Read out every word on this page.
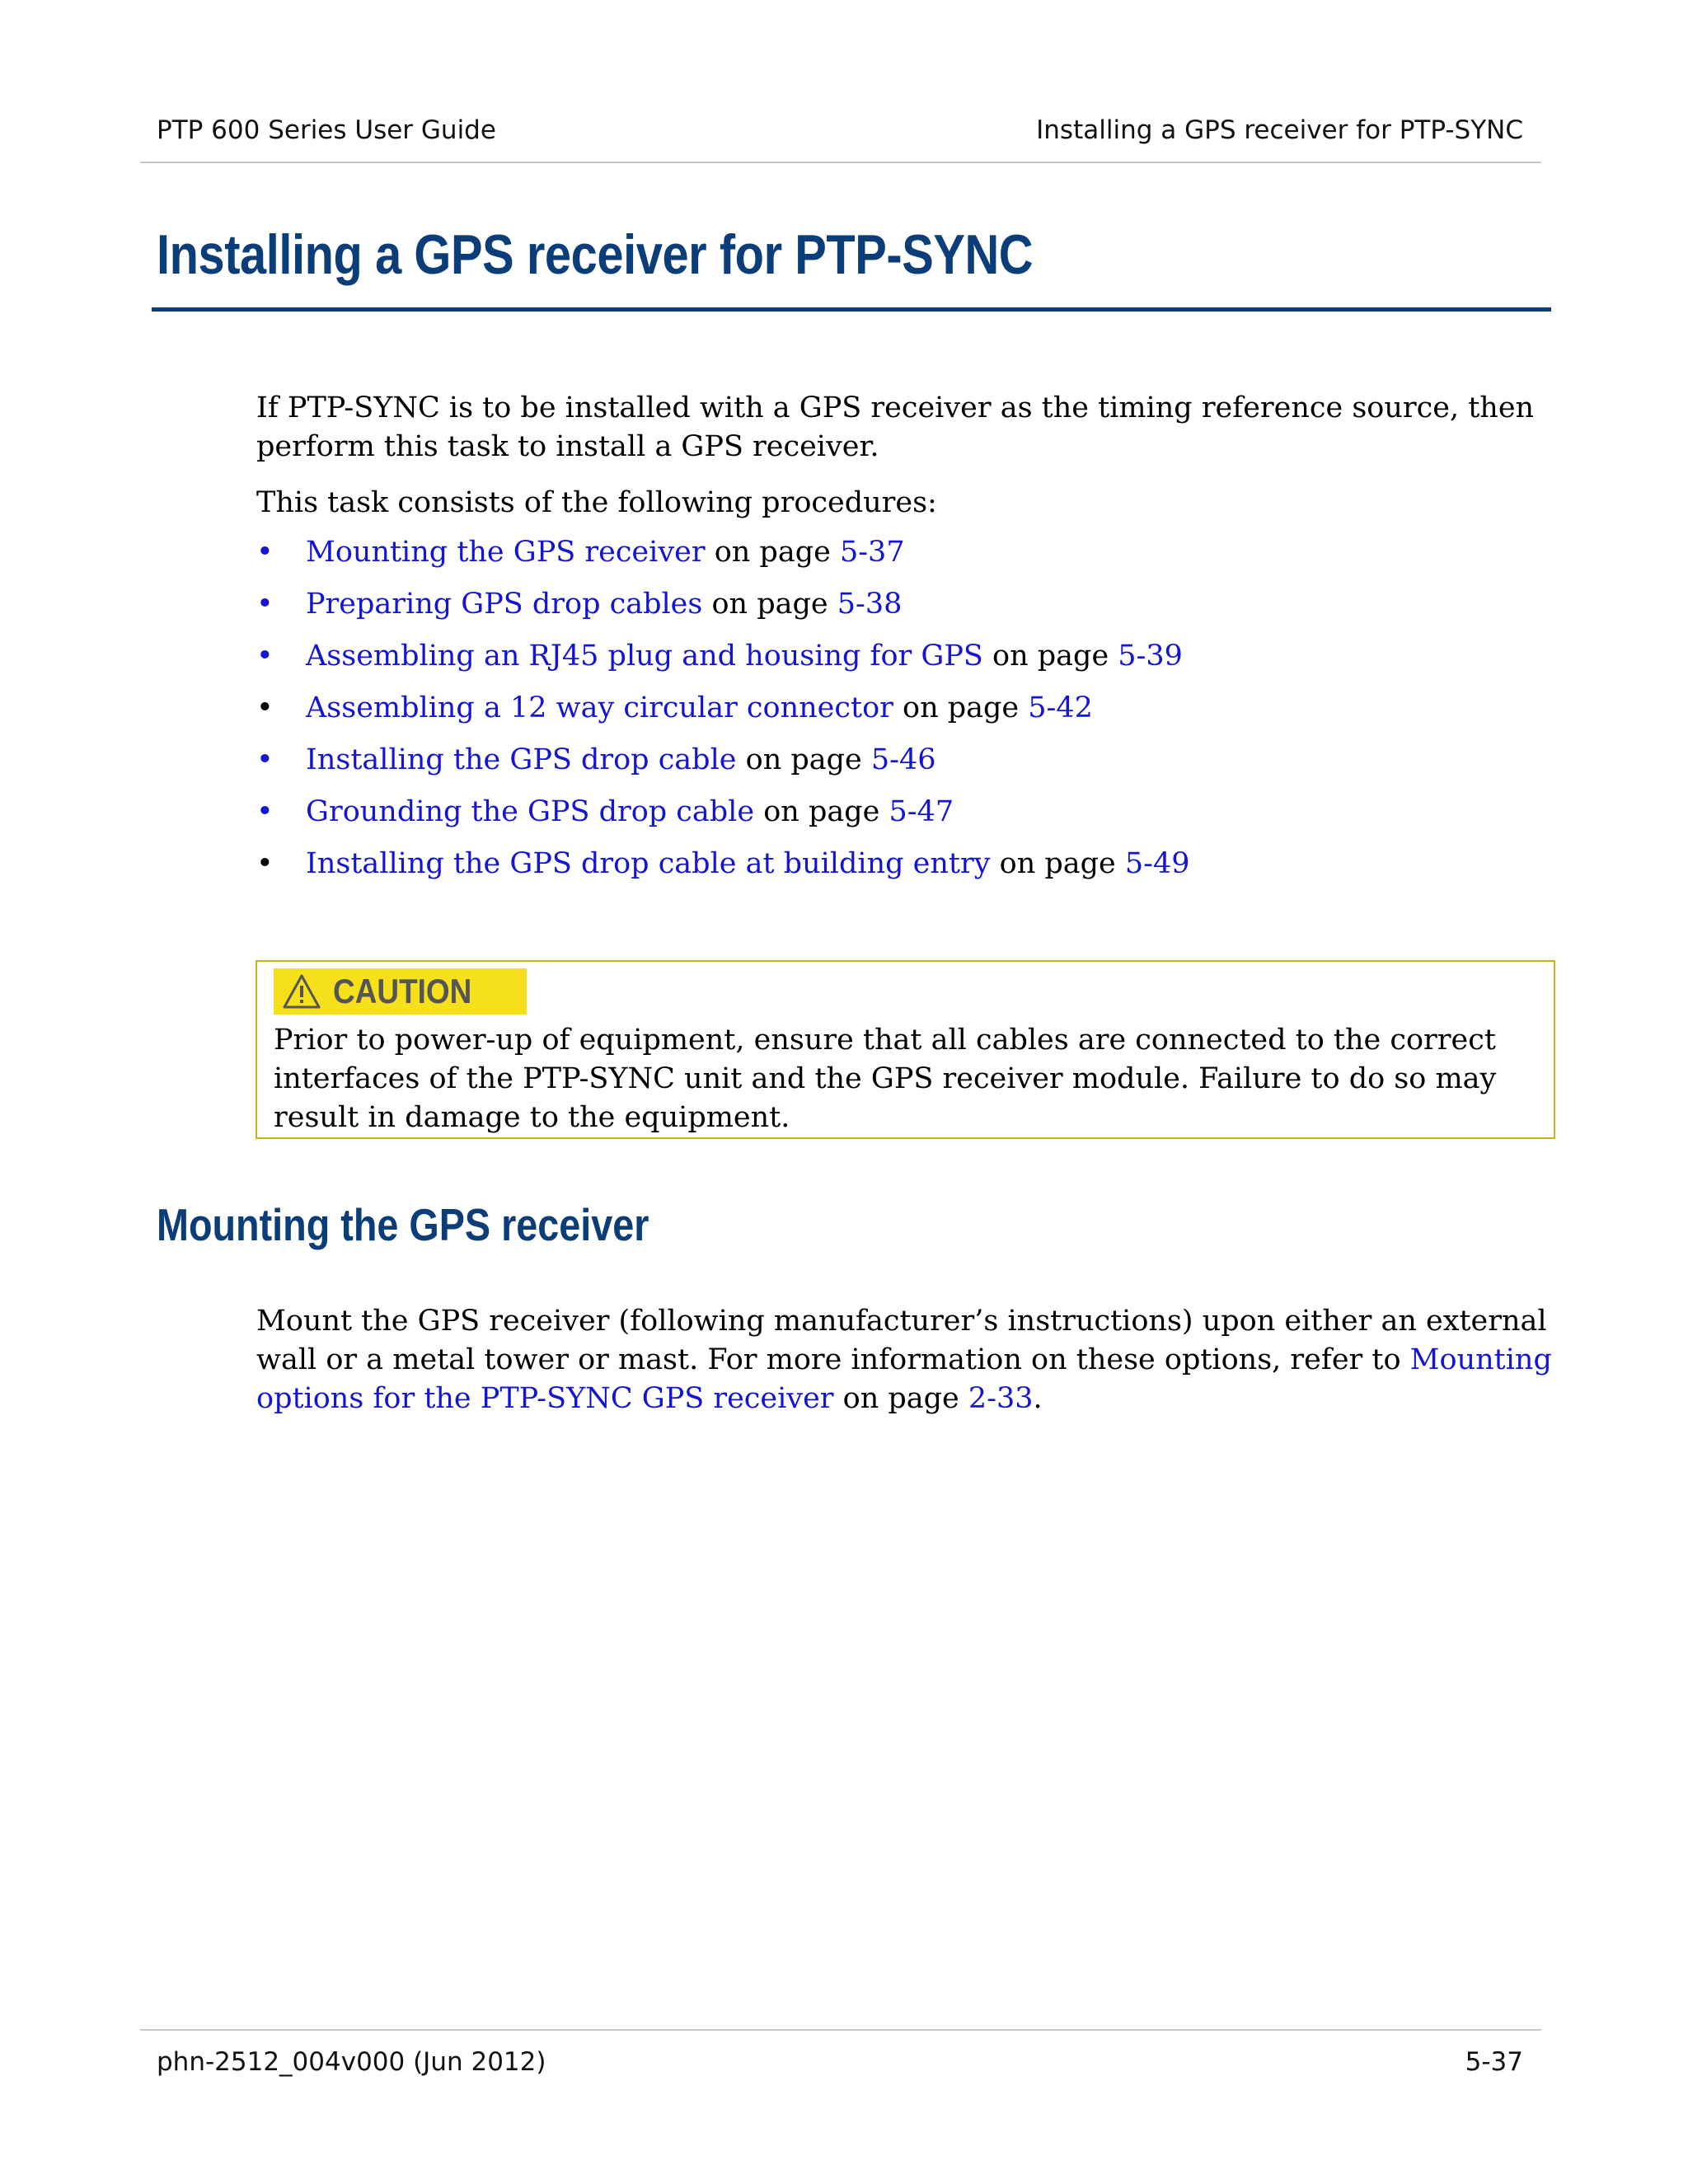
PTP 600 Series User Guide	Installing a GPS receiver for PTP-SYNC
Installing a GPS receiver for PTP-SYNC

If PTP-SYNC is to be installed with a GPS receiver as the timing reference source, then perform this task to install a GPS receiver.

This task consists of the following procedures:

• Mounting the GPS receiver on page 5-37
• Preparing GPS drop cables on page 5-38
• Assembling an RJ45 plug and housing for GPS on page 5-39
• Assembling a 12 way circular connector on page 5-42
• Installing the GPS drop cable on page 5-46
• Grounding the GPS drop cable on page 5-47
• Installing the GPS drop cable at building entry on page 5-49
CAUTION

Prior to power-up of equipment, ensure that all cables are connected to the correct interfaces of the PTP-SYNC unit and the GPS receiver module. Failure to do so may result in damage to the equipment.

Mounting the GPS receiver

Mount the GPS receiver (following manufacturer’s instructions) upon either an external wall or a metal tower or mast. For more information on these options, refer to Mounting options for the PTP-SYNC GPS receiver on page 2-33.

phn-2512_004v000 (Jun 2012)	5-37
